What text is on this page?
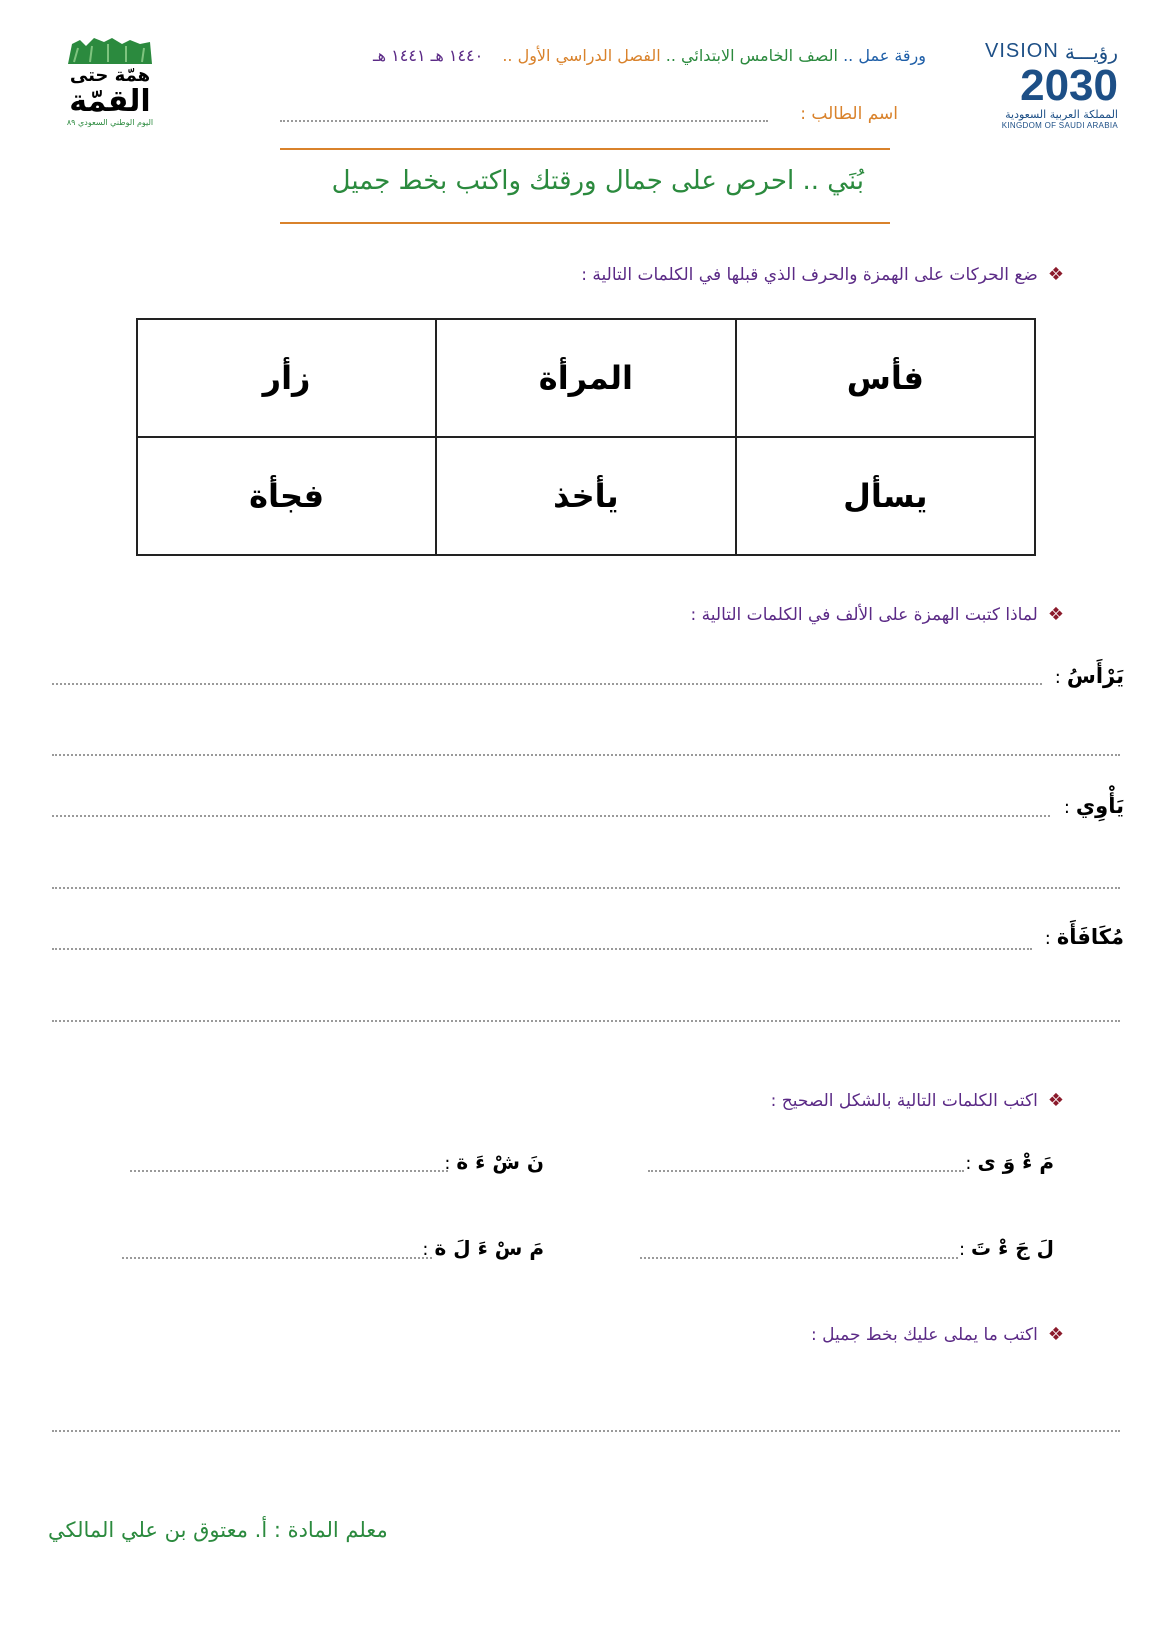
VISION رؤيـــة
2030
المملكة العربية السعودية
KINGDOM OF SAUDI ARABIA
همّة حتى
القمّة
اليوم الوطني السعودي ٨٩
ورقة عمل .. الصف الخامس الابتدائي .. الفصل الدراسي الأول .. ١٤٤٠ هـ ١٤٤١ هـ
اسم الطالب :
بُنَي .. احرص على جمال ورقتك واكتب بخط جميل
❖ضع الحركات على الهمزة والحرف الذي قبلها في الكلمات التالية :
فأس	المرأة	زأر
يسأل	يأخذ	فجأة
❖لماذا كتبت الهمزة على الألف في الكلمات التالية :
يَرْأَسُ:
يَأْوِي:
مُكَافَأَة:
❖اكتب الكلمات التالية بالشكل الصحيح :
مَ ءْ وَ ى:
نَ شْ ءَ ة:
لَ جَ ءْ تَ:
مَ سْ ءَ لَ ة:
❖اكتب ما يملى عليك بخط جميل :
معلم المادة : أ. معتوق بن علي المالكي
